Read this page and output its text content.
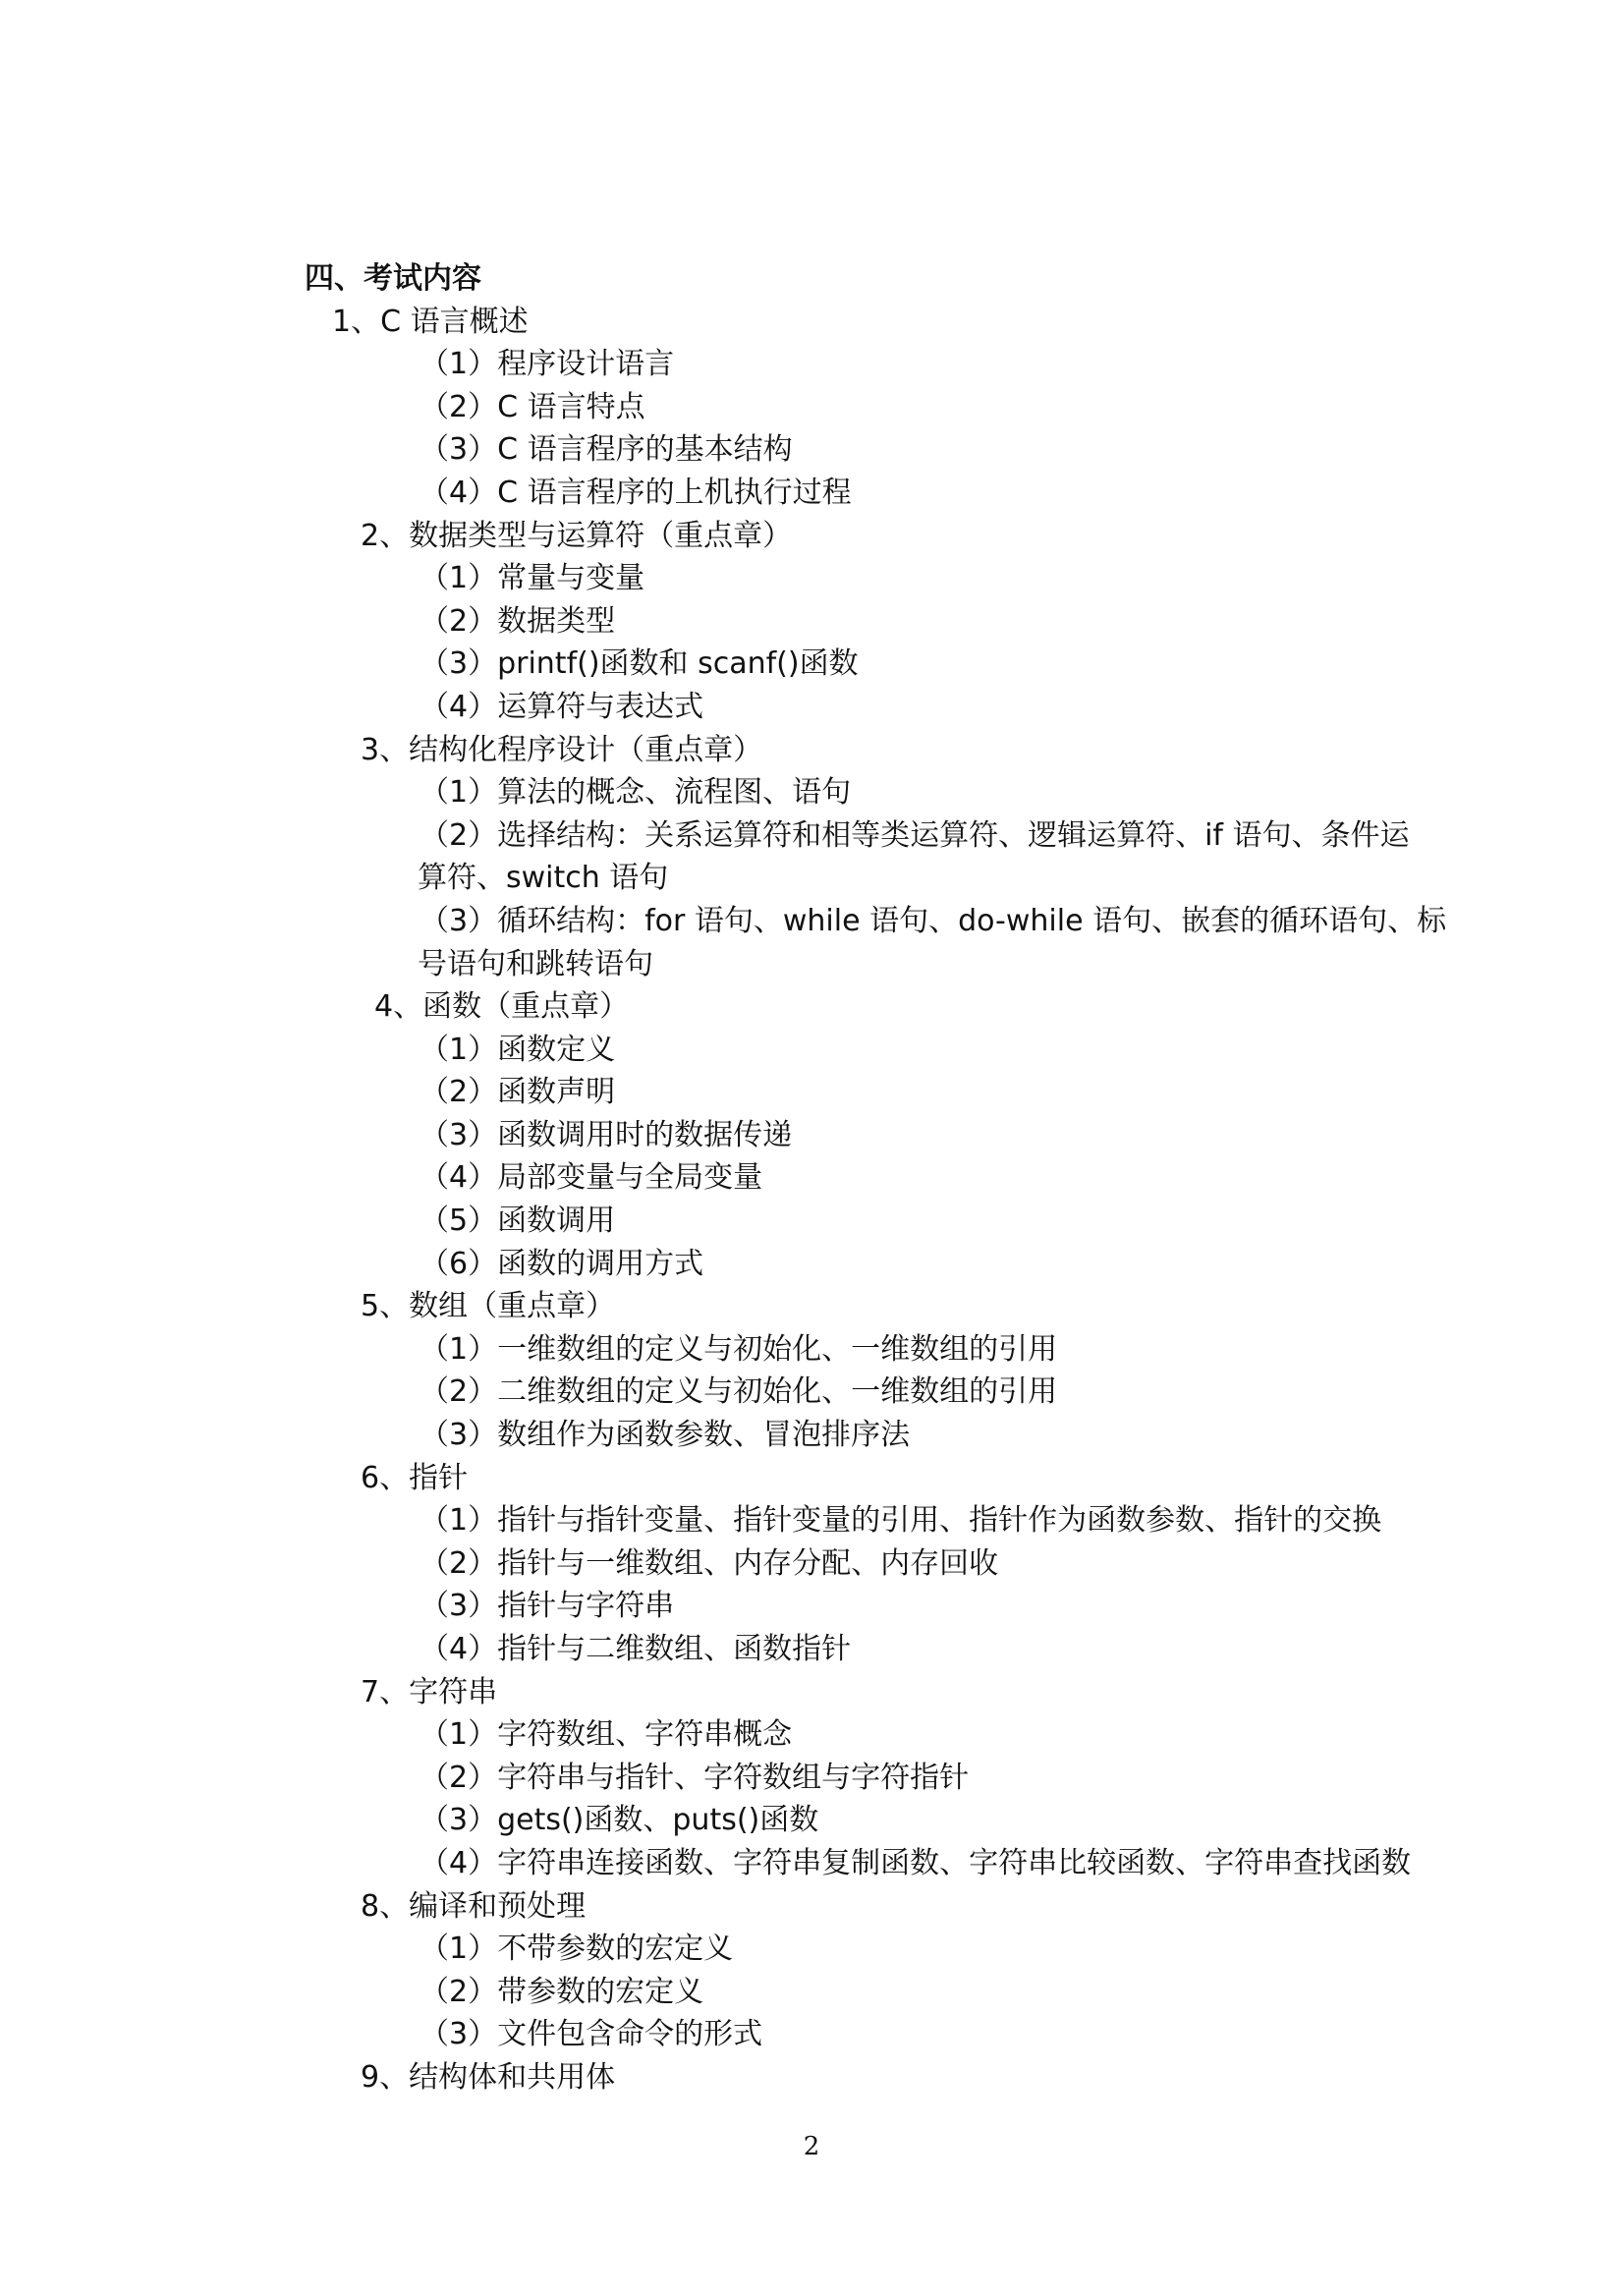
四、考试内容
1、C 语言概述
（1）程序设计语言
（2）C 语言特点
（3）C 语言程序的基本结构
（4）C 语言程序的上机执行过程
2、数据类型与运算符（重点章）
（1）常量与变量
（2）数据类型
（3）printf()函数和 scanf()函数
（4）运算符与表达式
3、结构化程序设计（重点章）
（1）算法的概念、流程图、语句
（2）选择结构：关系运算符和相等类运算符、逻辑运算符、if 语句、条件运
算符、switch 语句
（3）循环结构：for 语句、while 语句、do-while 语句、嵌套的循环语句、标
号语句和跳转语句
4、函数（重点章）
（1）函数定义
（2）函数声明
（3）函数调用时的数据传递
（4）局部变量与全局变量
（5）函数调用
（6）函数的调用方式
5、数组（重点章）
（1）一维数组的定义与初始化、一维数组的引用
（2）二维数组的定义与初始化、一维数组的引用
（3）数组作为函数参数、冒泡排序法
6、指针
（1）指针与指针变量、指针变量的引用、指针作为函数参数、指针的交换
（2）指针与一维数组、内存分配、内存回收
（3）指针与字符串
（4）指针与二维数组、函数指针
7、字符串
（1）字符数组、字符串概念
（2）字符串与指针、字符数组与字符指针
（3）gets()函数、puts()函数
（4）字符串连接函数、字符串复制函数、字符串比较函数、字符串查找函数
8、编译和预处理
（1）不带参数的宏定义
（2）带参数的宏定义
（3）文件包含命令的形式
9、结构体和共用体
2
